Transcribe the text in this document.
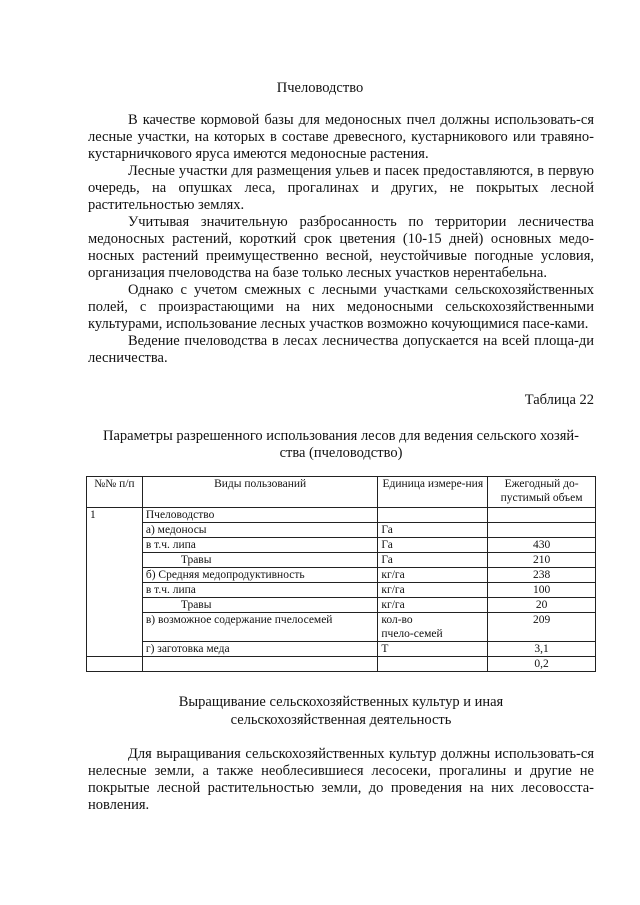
Пчеловодство

В качестве кормовой базы для медоносных пчел должны использовать-ся лесные участки, на которых в составе древесного, кустарникового или травяно-кустарничкового яруса имеются медоносные растения.

Лесные участки для размещения ульев и пасек предоставляются, в первую очередь, на опушках леса, прогалинах и других, не покрытых лесной растительностью землях.

Учитывая значительную разбросанность по территории лесничества медоносных растений, короткий срок цветения (10-15 дней) основных медо-носных растений преимущественно весной, неустойчивые погодные условия, организация пчеловодства на базе только лесных участков нерентабельна.

Однако с учетом смежных с лесными участками сельскохозяйственных полей, с произрастающими на них медоносными сельскохозяйственными культурами, использование лесных участков возможно кочующимися пасе-ками.

Ведение пчеловодства в лесах лесничества допускается на всей площа-ди лесничества.

Таблица 22
Параметры разрешенного использования лесов для ведения сельского хозяй-
ства (пчеловодство)
№№ п/п	Виды пользований	Единица измере-ния	Ежегодный до-пустимый объем
1	Пчеловодство		
	а) медоносы	Га	
	в т.ч. липа	Га	430
	Травы	Га	210
	б) Средняя медопродуктивность	кг/га	238
	в т.ч. липа	кг/га	100
	Травы	кг/га	20
	в) возможное содержание пчелосемей	кол-во
пчело-семей	209
	г) заготовка меда	Т	3,1
			0,2
Выращивание сельскохозяйственных культур и иная
сельскохозяйственная деятельность

Для выращивания сельскохозяйственных культур должны использовать-ся нелесные земли, а также необлесившиеся лесосеки, прогалины и другие не покрытые лесной растительностью земли, до проведения на них лесовосста-новления.
